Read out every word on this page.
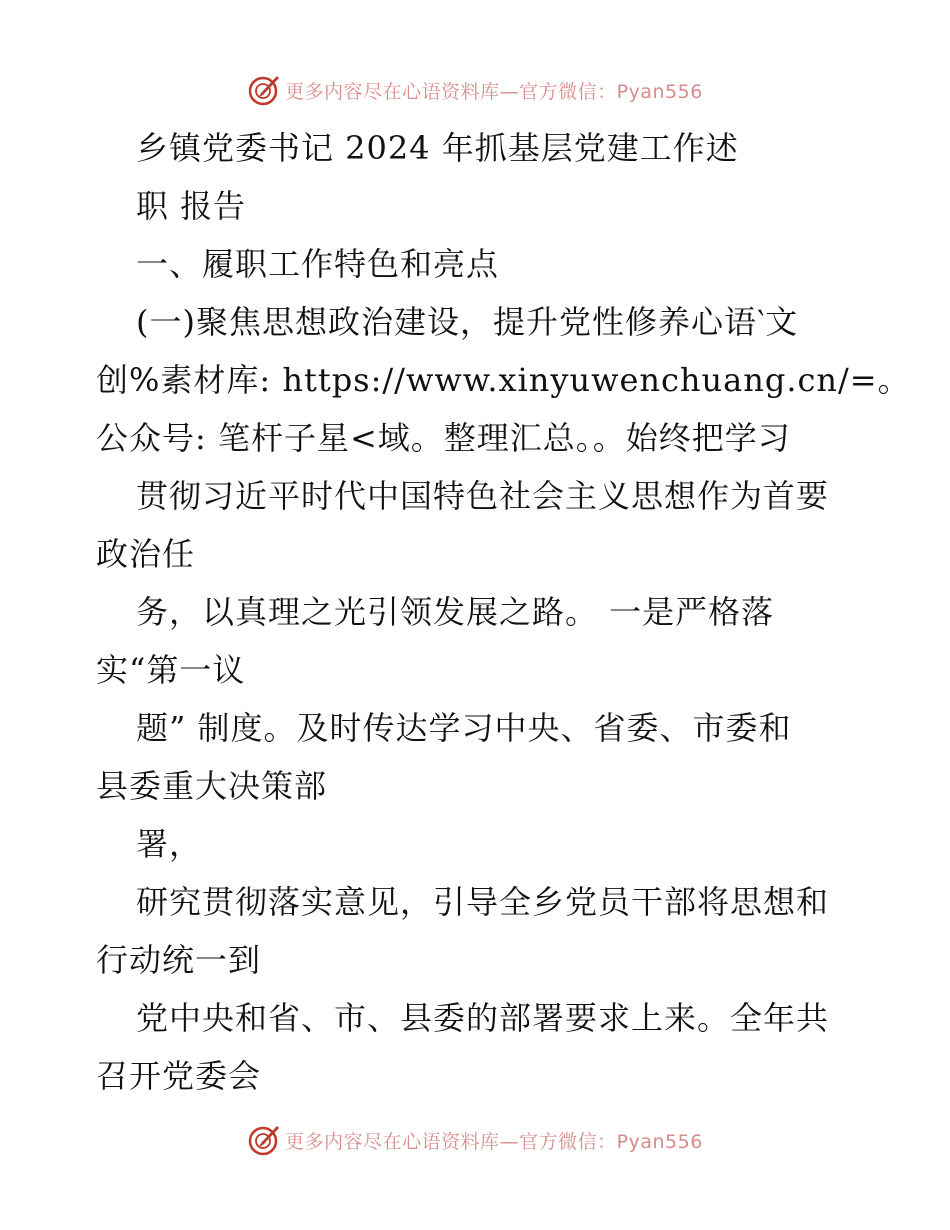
更多内容尽在心语资料库—官方微信：Pyan556
乡镇党委书记 2024 年抓基层党建工作述
职 报告
一、履职工作特色和亮点
(一)聚焦思想政治建设，提升党性修养心语‵文
创%素材库: https://www.xinyuwenchuang.cn/=。
公众号: 笔杆子星<域。整理汇总。。始终把学习
贯彻习近平时代中国特色社会主义思想作为首要
政治任
务，以真理之光引领发展之路。 一是严格落
实“第一议
题” 制度。及时传达学习中央、省委、市委和
县委重大决策部
署，
研究贯彻落实意见，引导全乡党员干部将思想和
行动统一到
党中央和省、市、县委的部署要求上来。全年共
召开党委会
更多内容尽在心语资料库—官方微信：Pyan556
